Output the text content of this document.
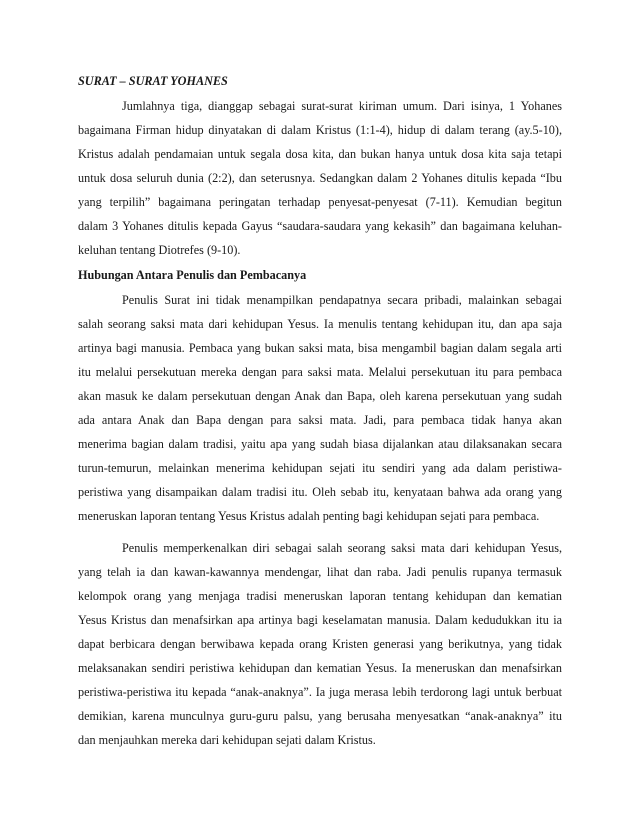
SURAT – SURAT YOHANES
Jumlahnya tiga, dianggap sebagai surat-surat kiriman umum. Dari isinya, 1 Yohanes
bagaimana Firman hidup dinyatakan di dalam Kristus (1:1-4), hidup di dalam terang (ay.5-10),
Kristus adalah pendamaian untuk segala dosa kita, dan bukan hanya untuk dosa kita saja tetapi
untuk dosa seluruh dunia (2:2), dan seterusnya. Sedangkan dalam 2 Yohanes ditulis kepada “Ibu
yang terpilih” bagaimana peringatan terhadap penyesat-penyesat (7-11). Kemudian begitun
dalam 3 Yohanes ditulis kepada Gayus “saudara-saudara yang kekasih” dan bagaimana keluhan-
keluhan tentang Diotrefes (9-10).
Hubungan Antara Penulis dan Pembacanya
Penulis Surat ini tidak menampilkan pendapatnya secara pribadi, malainkan sebagai
salah seorang saksi mata dari kehidupan Yesus. Ia menulis tentang kehidupan itu, dan apa saja
artinya bagi manusia. Pembaca yang bukan saksi mata, bisa mengambil bagian dalam segala arti
itu melalui persekutuan mereka dengan para saksi mata. Melalui persekutuan itu para pembaca
akan masuk ke dalam persekutuan dengan Anak dan Bapa, oleh karena persekutuan yang sudah
ada antara Anak dan Bapa dengan para saksi mata. Jadi, para pembaca tidak hanya akan
menerima bagian dalam tradisi, yaitu apa yang sudah biasa dijalankan atau dilaksanakan secara
turun-temurun, melainkan menerima kehidupan sejati itu sendiri yang ada dalam peristiwa-
peristiwa yang disampaikan dalam tradisi itu. Oleh sebab itu, kenyataan bahwa ada orang yang
meneruskan laporan tentang Yesus Kristus adalah penting bagi kehidupan sejati para pembaca.
Penulis memperkenalkan diri sebagai salah seorang saksi mata dari kehidupan Yesus,
yang telah ia dan kawan-kawannya mendengar, lihat dan raba. Jadi penulis rupanya termasuk
kelompok orang yang menjaga tradisi meneruskan laporan tentang kehidupan dan kematian
Yesus Kristus dan menafsirkan apa artinya bagi keselamatan manusia. Dalam kedudukkan itu ia
dapat berbicara dengan berwibawa kepada orang Kristen generasi yang berikutnya, yang tidak
melaksanakan sendiri peristiwa kehidupan dan kematian Yesus. Ia meneruskan dan menafsirkan
peristiwa-peristiwa itu kepada “anak-anaknya”. Ia juga merasa lebih terdorong lagi untuk berbuat
demikian, karena munculnya guru-guru palsu, yang berusaha menyesatkan “anak-anaknya” itu
dan menjauhkan mereka dari kehidupan sejati dalam Kristus.
